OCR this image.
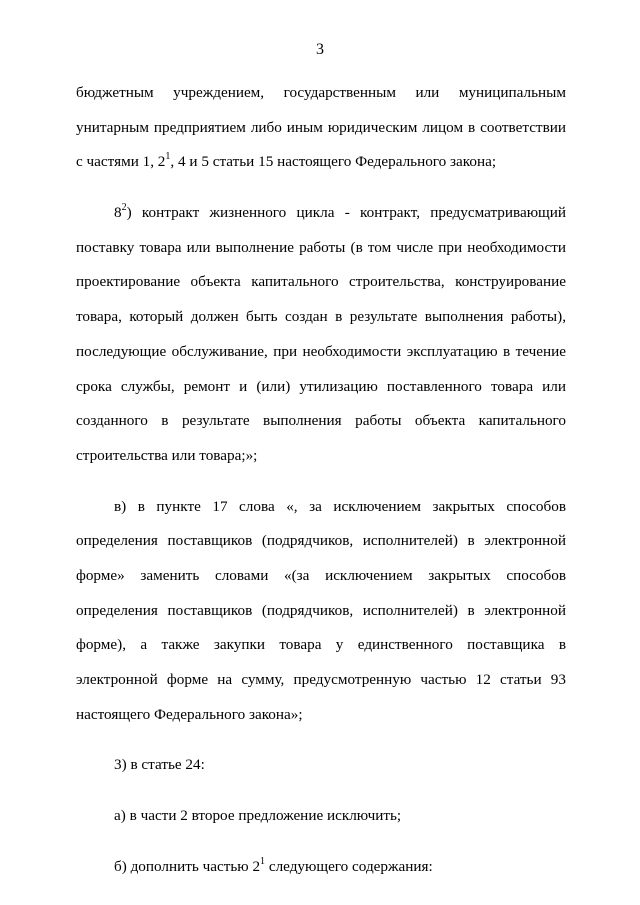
3
бюджетным учреждением, государственным или муниципальным
унитарным предприятием либо иным юридическим лицом в соответствии
с частями 1, $2^1$, 4 и 5 статьи 15 настоящего Федерального закона;
$8^2$) контракт жизненного цикла - контракт, предусматривающий
поставку товара или выполнение работы (в том числе при необходимости
проектирование объекта капитального строительства, конструирование
товара, который должен быть создан в результате выполнения работы),
последующие обслуживание, при необходимости эксплуатацию в течение
срока службы, ремонт и (или) утилизацию поставленного товара или
созданного в результате выполнения работы объекта капитального
строительства или товара;»;
в) в пункте 17 слова «, за исключением закрытых способов
определения поставщиков (подрядчиков, исполнителей) в электронной
форме» заменить словами «(за исключением закрытых способов
определения поставщиков (подрядчиков, исполнителей) в электронной
форме), а также закупки товара у единственного поставщика в
электронной форме на сумму, предусмотренную частью 12 статьи 93
настоящего Федерального закона»;
3) в статье 24:
а) в части 2 второе предложение исключить;
б) дополнить частью $2^1$ следующего содержания:
